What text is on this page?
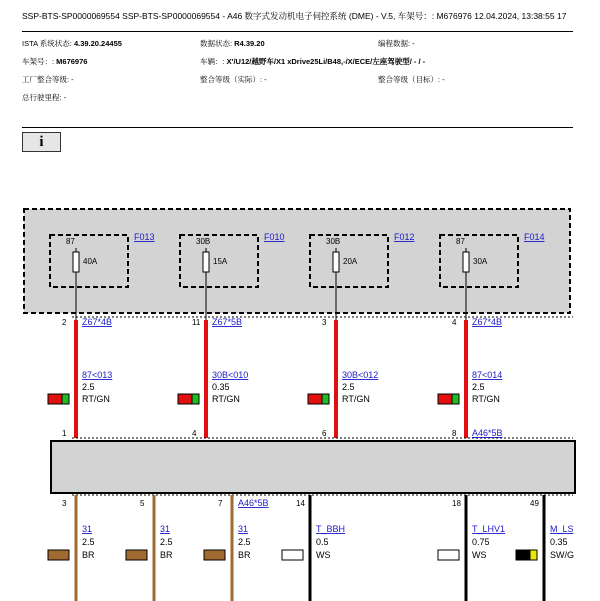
SSP-BTS-SP0000069554 SSP-BTS-SP0000069554 - A46 数字式发动机电子伺控系统 (DME) - V.5, 车架号：: M676976 12.04.2024, 13:38:55 17
ISTA 系统状态: 4.39.20.24455	数据状态: R4.39.20	编程数据: -
车架号：: M676976	车辆：: X'/U12/越野车/X1 xDrive25Li/B48,-/X/ECE/左座驾驶型/ - / -
工厂整合等级: -	整合等级（实际）: -	整合等级（目标）: -
总行驶里程: -
i
87	F013
40A
30B	F010
15A
30B	F012
20A
87	F014
30A
2 Z67*4B
87<013
2.5
RT/GN
1
11 Z67*5B
30B<010
0.35
RT/GN
4
3
30B<012
2.5
RT/GN
6
4 Z67*4B
87<014
2.5
RT/GN
8 A46*5B
3
31
2.5
BR
5
31
2.5
BR
7 A46*5B
31
2.5
BR
14
T_BBH
0.5
WS
18
T_LHV1
0.75
WS
49
M_LS
0.35
SW/G
